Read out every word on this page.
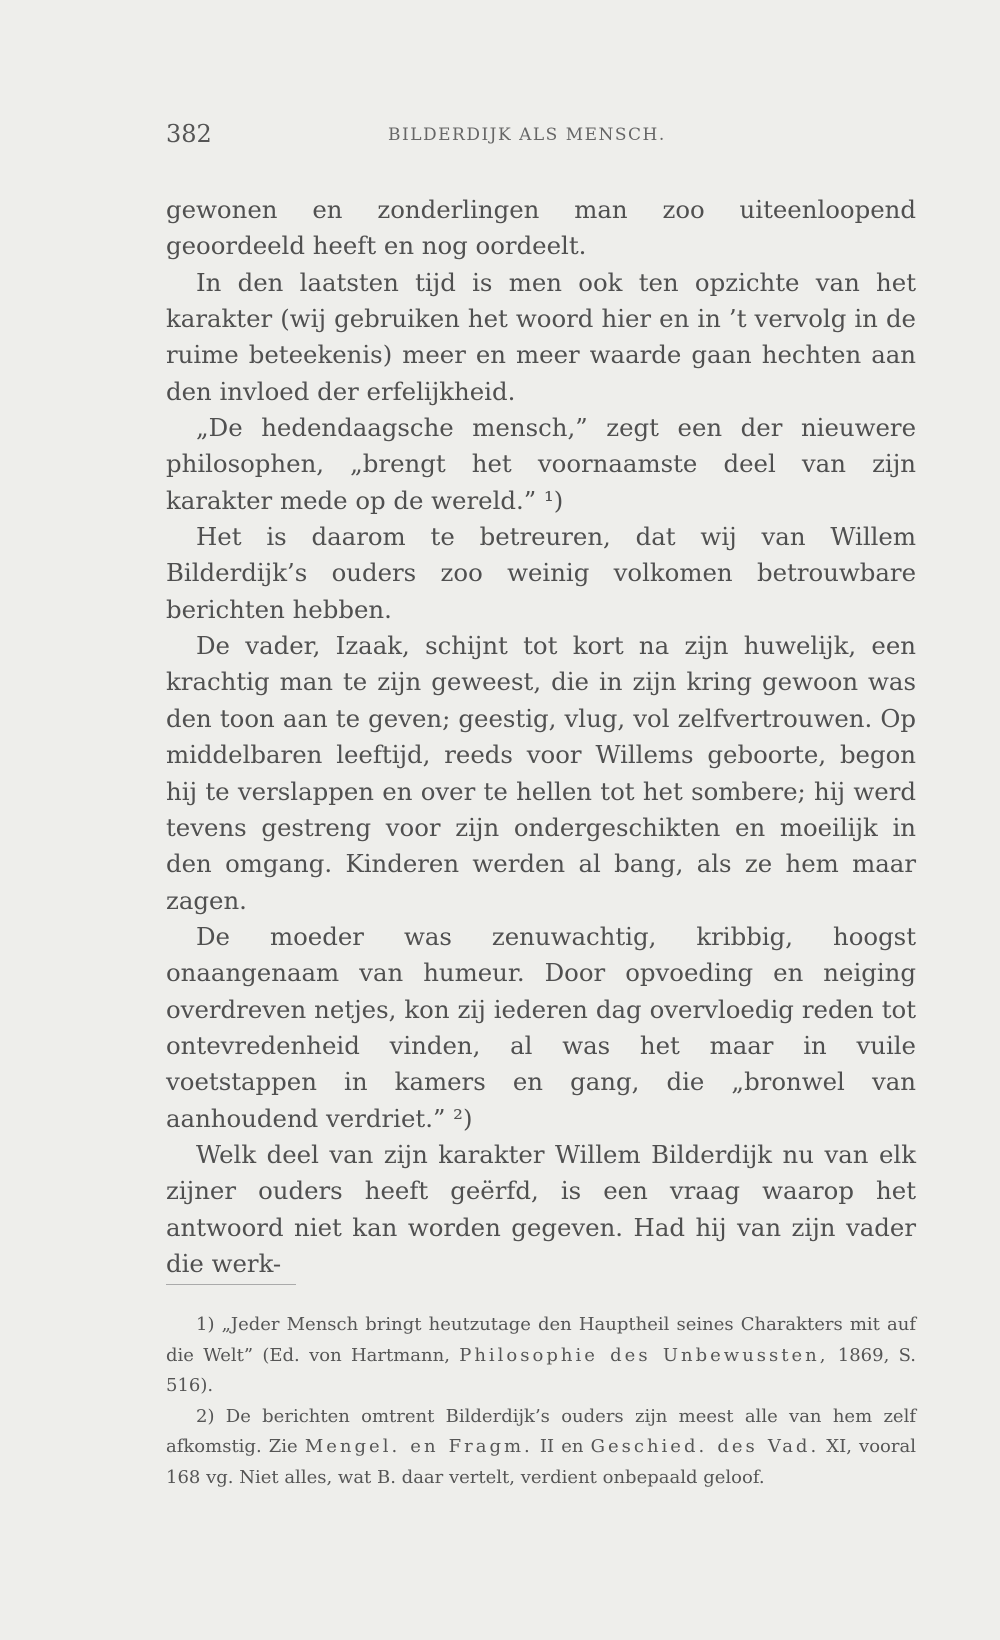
382	BILDERDIJK ALS MENSCH.

gewonen en zonderlingen man zoo uiteenloopend geoordeeld heeft en nog oordeelt.

In den laatsten tijd is men ook ten opzichte van het karakter (wij gebruiken het woord hier en in ’t vervolg in de ruime beteekenis) meer en meer waarde gaan hechten aan den invloed der erfelijkheid.

„De hedendaagsche mensch,” zegt een der nieuwere philosophen, „brengt het voornaamste deel van zijn karakter mede op de wereld.” ¹)

Het is daarom te betreuren, dat wij van Willem Bilderdijk’s ouders zoo weinig volkomen betrouwbare berichten hebben.

De vader, Izaak, schijnt tot kort na zijn huwelijk, een krachtig man te zijn geweest, die in zijn kring gewoon was den toon aan te geven; geestig, vlug, vol zelfvertrouwen. Op middelbaren leeftijd, reeds voor Willems geboorte, begon hij te verslappen en over te hellen tot het sombere; hij werd tevens gestreng voor zijn ondergeschikten en moeilijk in den omgang. Kinderen werden al bang, als ze hem maar zagen.

De moeder was zenuwachtig, kribbig, hoogst onaangenaam van humeur. Door opvoeding en neiging overdreven netjes, kon zij iederen dag overvloedig reden tot ontevredenheid vinden, al was het maar in vuile voetstappen in kamers en gang, die „bronwel van aanhoudend verdriet.” ²)

Welk deel van zijn karakter Willem Bilderdijk nu van elk zijner ouders heeft geërfd, is een vraag waarop het antwoord niet kan worden gegeven. Had hij van zijn vader die werk-

1) „Jeder Mensch bringt heutzutage den Hauptheil seines Charakters mit auf die Welt” (Ed. von Hartmann, Philosophie des Unbewussten, 1869, S. 516).

2) De berichten omtrent Bilderdijk’s ouders zijn meest alle van hem zelf afkomstig. Zie Mengel. en Fragm. II en Geschied. des Vad. XI, vooral 168 vg. Niet alles, wat B. daar vertelt, verdient onbepaald geloof.
